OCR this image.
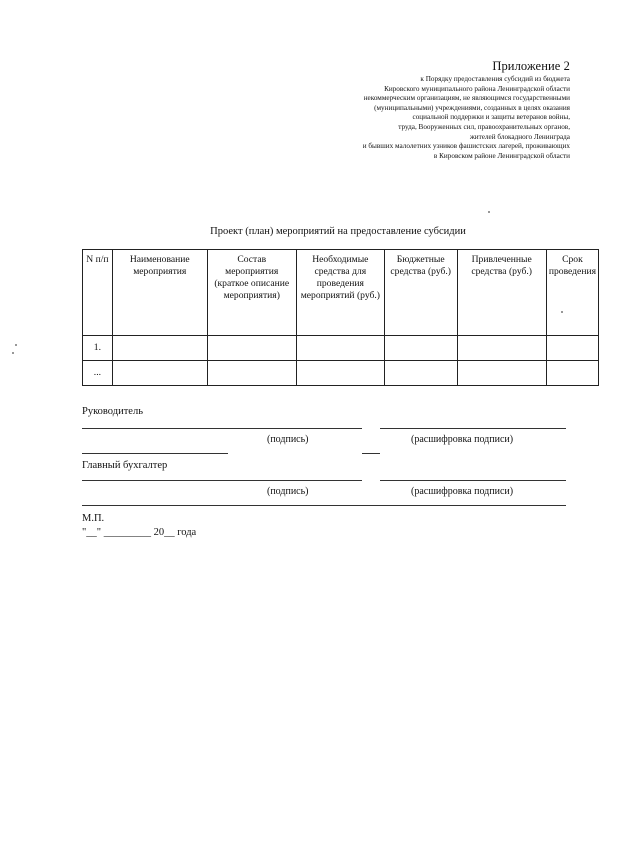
Приложение 2
к Порядку предоставления субсидий из бюджета
Кировского муниципального района Ленинградской области
некоммерческим организациям, не являющимся государственными
(муниципальными) учреждениями, созданных в целях оказания
социальной поддержки и защиты ветеранов войны,
труда, Вооруженных сил, правоохранительных органов,
жителей блокадного Ленинграда
и бывших малолетних узников фашистских лагерей, проживающих
в Кировском районе Ленинградской области
Проект (план) мероприятий на предоставление субсидии
N п/п	Наименование мероприятия	Состав мероприятия (краткое описание мероприятия)	Необходимые средства для проведения мероприятий (руб.)	Бюджетные средства (руб.)	Привлеченные средства (руб.)	Срок проведения
1.						
...						
Руководитель
(подпись)	(расшифровка подписи)
Главный бухгалтер
(подпись)	(расшифровка подписи)
М.П.
"__" _________ 20__ года
